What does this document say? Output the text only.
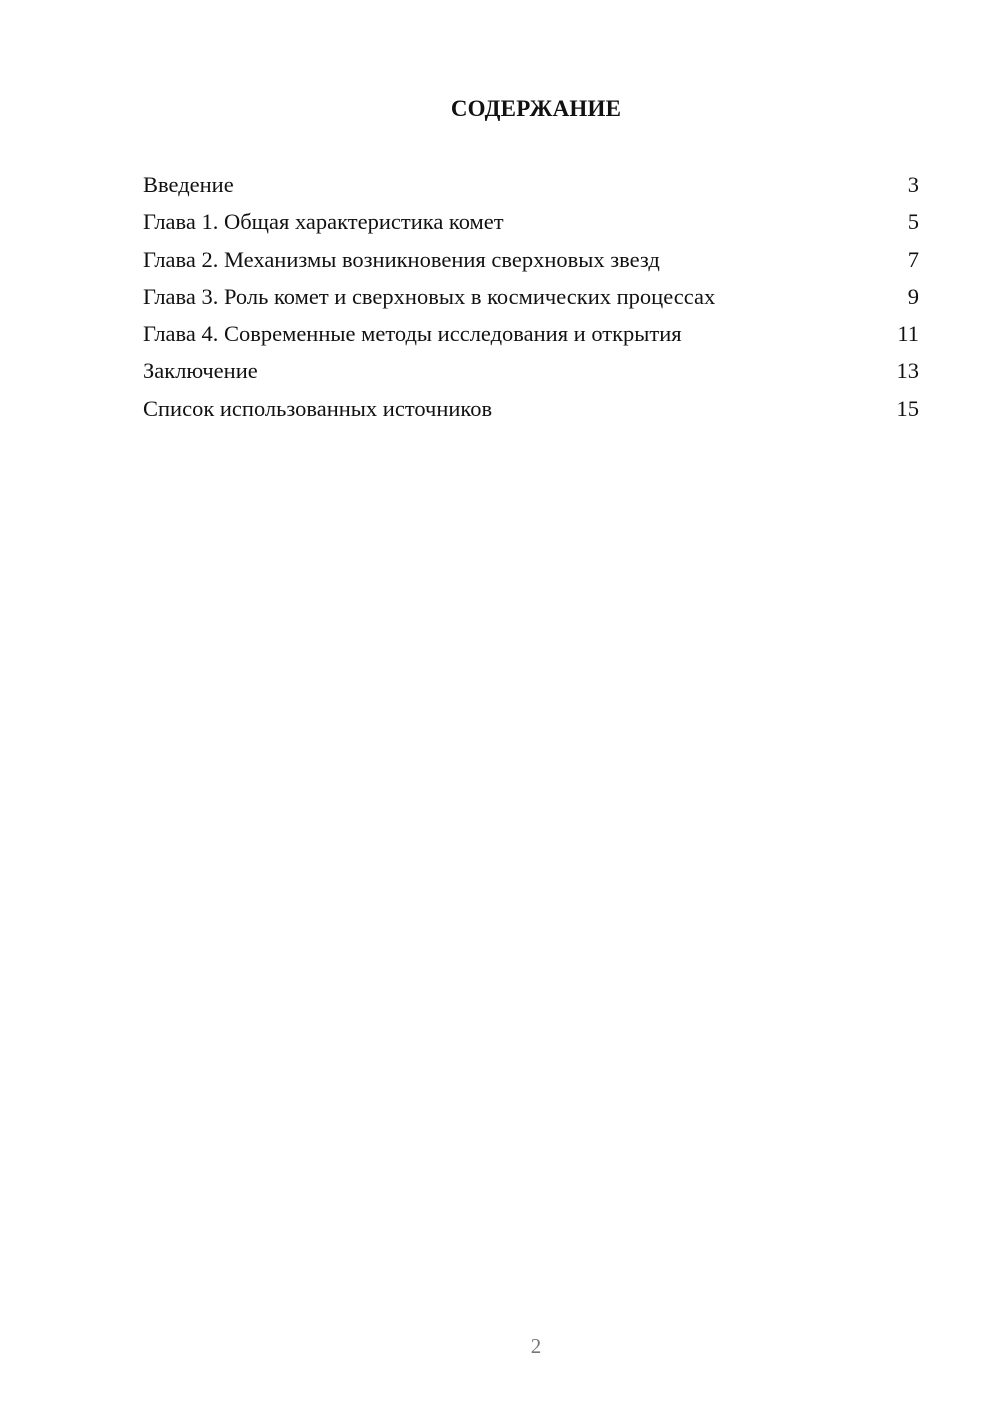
СОДЕРЖАНИЕ
Введение	3
Глава 1. Общая характеристика комет	5
Глава 2. Механизмы возникновения сверхновых звезд	7
Глава 3. Роль комет и сверхновых в космических процессах	9
Глава 4. Современные методы исследования и открытия	11
Заключение	13
Список использованных источников	15
2
